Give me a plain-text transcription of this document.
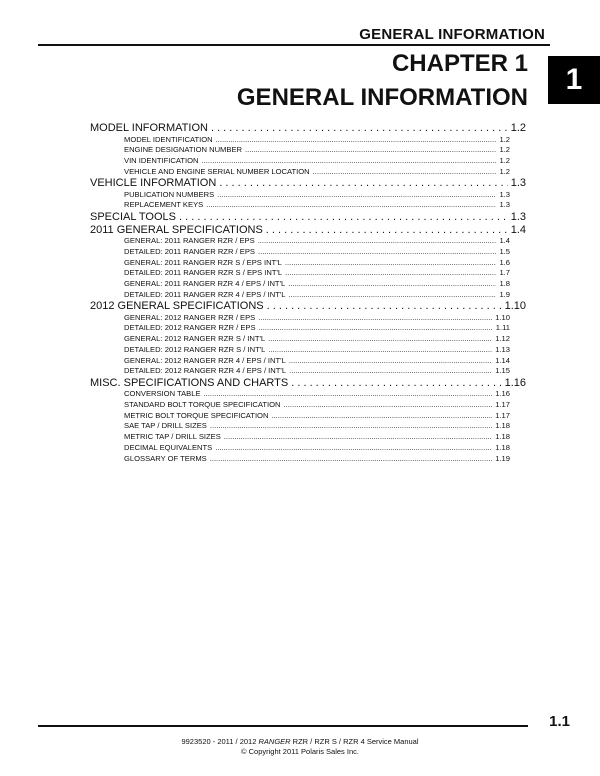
GENERAL INFORMATION
1
CHAPTER 1
GENERAL INFORMATION
MODEL INFORMATION . . .	1.2
MODEL IDENTIFICATION .....	1.2
ENGINE DESIGNATION NUMBER .....	1.2
VIN IDENTIFICATION .....	1.2
VEHICLE AND ENGINE SERIAL NUMBER LOCATION .....	1.2
VEHICLE INFORMATION . . .	1.3
PUBLICATION NUMBERS .....	1.3
REPLACEMENT KEYS .....	1.3
SPECIAL TOOLS . . .	1.3
2011 GENERAL SPECIFICATIONS . . .	1.4
GENERAL: 2011 RANGER RZR / EPS .....	1.4
DETAILED: 2011 RANGER RZR / EPS .....	1.5
GENERAL: 2011 RANGER RZR S / EPS INT'L .....	1.6
DETAILED: 2011 RANGER RZR S / EPS INT'L .....	1.7
GENERAL: 2011 RANGER RZR 4 / EPS / INT'L .....	1.8
DETAILED: 2011 RANGER RZR 4 / EPS / INT'L .....	1.9
2012 GENERAL SPECIFICATIONS . . .	1.10
GENERAL: 2012 RANGER RZR / EPS .....	1.10
DETAILED: 2012 RANGER RZR / EPS .....	1.11
GENERAL: 2012 RANGER RZR S / INT'L .....	1.12
DETAILED: 2012 RANGER RZR S / INT'L .....	1.13
GENERAL: 2012 RANGER RZR 4 / EPS / INT'L .....	1.14
DETAILED: 2012 RANGER RZR 4 / EPS / INT'L .....	1.15
MISC. SPECIFICATIONS AND CHARTS . . .	1.16
CONVERSION TABLE .....	1.16
STANDARD BOLT TORQUE SPECIFICATION .....	1.17
METRIC BOLT TORQUE SPECIFICATION .....	1.17
SAE TAP / DRILL SIZES .....	1.18
METRIC TAP / DRILL SIZES .....	1.18
DECIMAL EQUIVALENTS .....	1.18
GLOSSARY OF TERMS .....	1.19
1.1
9923520 - 2011 / 2012 RANGER RZR / RZR S / RZR 4 Service Manual
© Copyright 2011 Polaris Sales Inc.
